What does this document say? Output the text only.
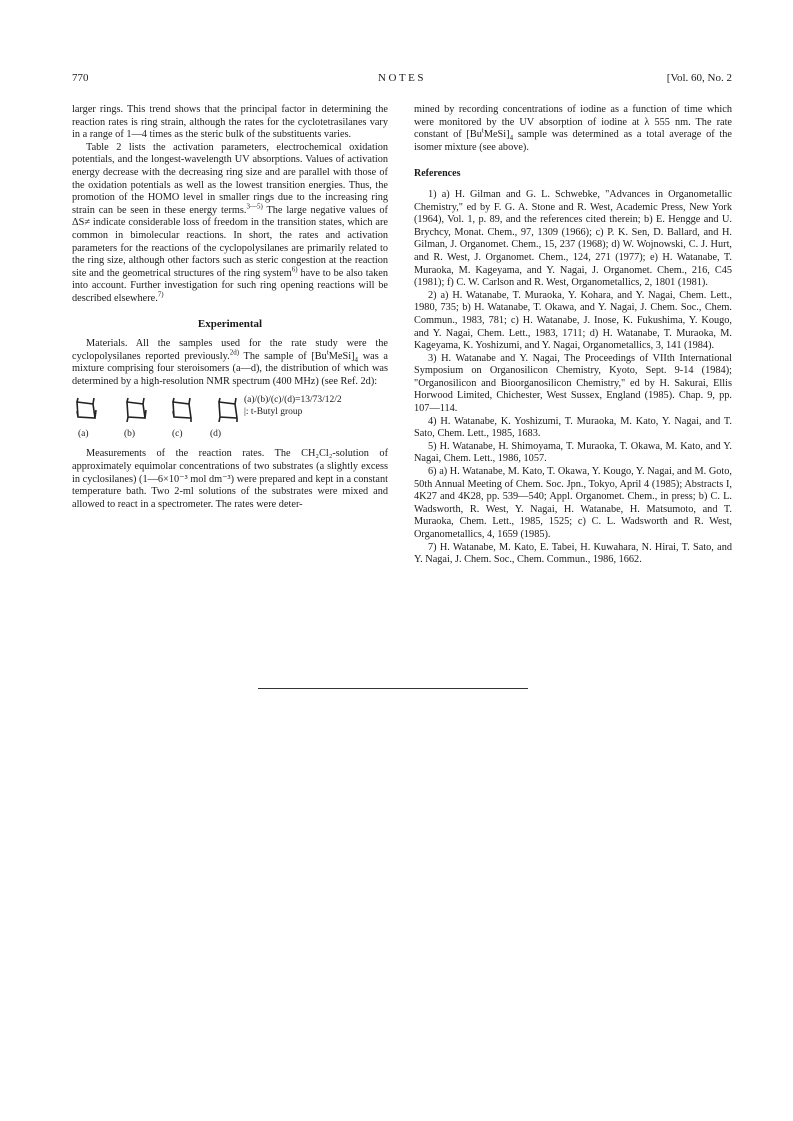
770	NOTES	[Vol. 60, No. 2

larger rings. This trend shows that the principal factor in determining the reaction rates is ring strain, although the rates for the cyclotetrasilanes vary in a range of 1—4 times as the steric bulk of the substituents varies.

Table 2 lists the activation parameters, electrochemical oxidation potentials, and the longest-wavelength UV absorptions. Values of activation energy decrease with the decreasing ring size and are parallel with those of the oxidation potentials as well as the lowest transition energies. Thus, the promotion of the HOMO level in smaller rings due to the increasing ring strain can be seen in these energy terms.$^{3—5)}$ The large negative values of ΔS≠ indicate considerable loss of freedom in the transition states, which are common in bimolecular reactions. In short, the rates and activation parameters for the reactions of the cyclopolysilanes are primarily related to the ring size, although other factors such as steric congestion at the reaction site and the geometrical structures of the ring system$^{6)}$ have to be also taken into account. Further investigation for such ring opening reactions will be described elsewhere.$^{7)}$

Experimental

Materials. All the samples used for the rate study were the cyclopolysilanes reported previously.$^{2d)}$ The sample of $[Bu^tMeSi]_4$ was a mixture comprising four steroisomers (a—d), the distribution of which was determined by a high-resolution NMR spectrum (400 MHz) (see Ref. 2d):

(a)	(b)	(c)	(d)
(a)/(b)/(c)/(d)=13/73/12/2
|: t-Butyl group

Measurements of the reaction rates. The CH₂Cl₂-solution of approximately equimolar concentrations of two substrates (a slightly excess in cyclosilanes) (1—6×10⁻³ mol dm⁻³) were prepared and kept in a constant temperature bath. Two 2-ml solutions of the substrates were mixed and allowed to react in a spectrometer. The rates were deter-

mined by recording concentrations of iodine as a function of time which were monitored by the UV absorption of iodine at λ 555 nm. The rate constant of $[Bu^tMeSi]_4$ sample was determined as a total average of the isomer mixture (see above).

References

1) a) H. Gilman and G. L. Schwebke, "Advances in Organometallic Chemistry," ed by F. G. A. Stone and R. West, Academic Press, New York (1964), Vol. 1, p. 89, and the references cited therein; b) E. Hengge and U. Brychcy, Monat. Chem., 97, 1309 (1966); c) P. K. Sen, D. Ballard, and H. Gilman, J. Organomet. Chem., 15, 237 (1968); d) W. Wojnowski, C. J. Hurt, and R. West, J. Organomet. Chem., 124, 271 (1977); e) H. Watanabe, T. Muraoka, M. Kageyama, and Y. Nagai, J. Organomet. Chem., 216, C45 (1981); f) C. W. Carlson and R. West, Organometallics, 2, 1801 (1981).

2) a) H. Watanabe, T. Muraoka, Y. Kohara, and Y. Nagai, Chem. Lett., 1980, 735; b) H. Watanabe, T. Okawa, and Y. Nagai, J. Chem. Soc., Chem. Commun., 1983, 781; c) H. Watanabe, J. Inose, K. Fukushima, Y. Kougo, and Y. Nagai, Chem. Lett., 1983, 1711; d) H. Watanabe, T. Muraoka, M. Kageyama, K. Yoshizumi, and Y. Nagai, Organometallics, 3, 141 (1984).

3) H. Watanabe and Y. Nagai, The Proceedings of VIIth International Symposium on Organosilicon Chemistry, Kyoto, Sept. 9-14 (1984); "Organosilicon and Bioorganosilicon Chemistry," ed by H. Sakurai, Ellis Horwood Limited, Chichester, West Sussex, England (1985). Chap. 9, pp. 107—114.

4) H. Watanabe, K. Yoshizumi, T. Muraoka, M. Kato, Y. Nagai, and T. Sato, Chem. Lett., 1985, 1683.

5) H. Watanabe, H. Shimoyama, T. Muraoka, T. Okawa, M. Kato, and Y. Nagai, Chem. Lett., 1986, 1057.

6) a) H. Watanabe, M. Kato, T. Okawa, Y. Kougo, Y. Nagai, and M. Goto, 50th Annual Meeting of Chem. Soc. Jpn., Tokyo, April 4 (1985); Abstracts I, 4K27 and 4K28, pp. 539—540; Appl. Organomet. Chem., in press; b) C. L. Wadsworth, R. West, Y. Nagai, H. Watanabe, H. Matsumoto, and T. Muraoka, Chem. Lett., 1985, 1525; c) C. L. Wadsworth and R. West, Organometallics, 4, 1659 (1985).

7) H. Watanabe, M. Kato, E. Tabei, H. Kuwahara, N. Hirai, T. Sato, and Y. Nagai, J. Chem. Soc., Chem. Commun., 1986, 1662.
